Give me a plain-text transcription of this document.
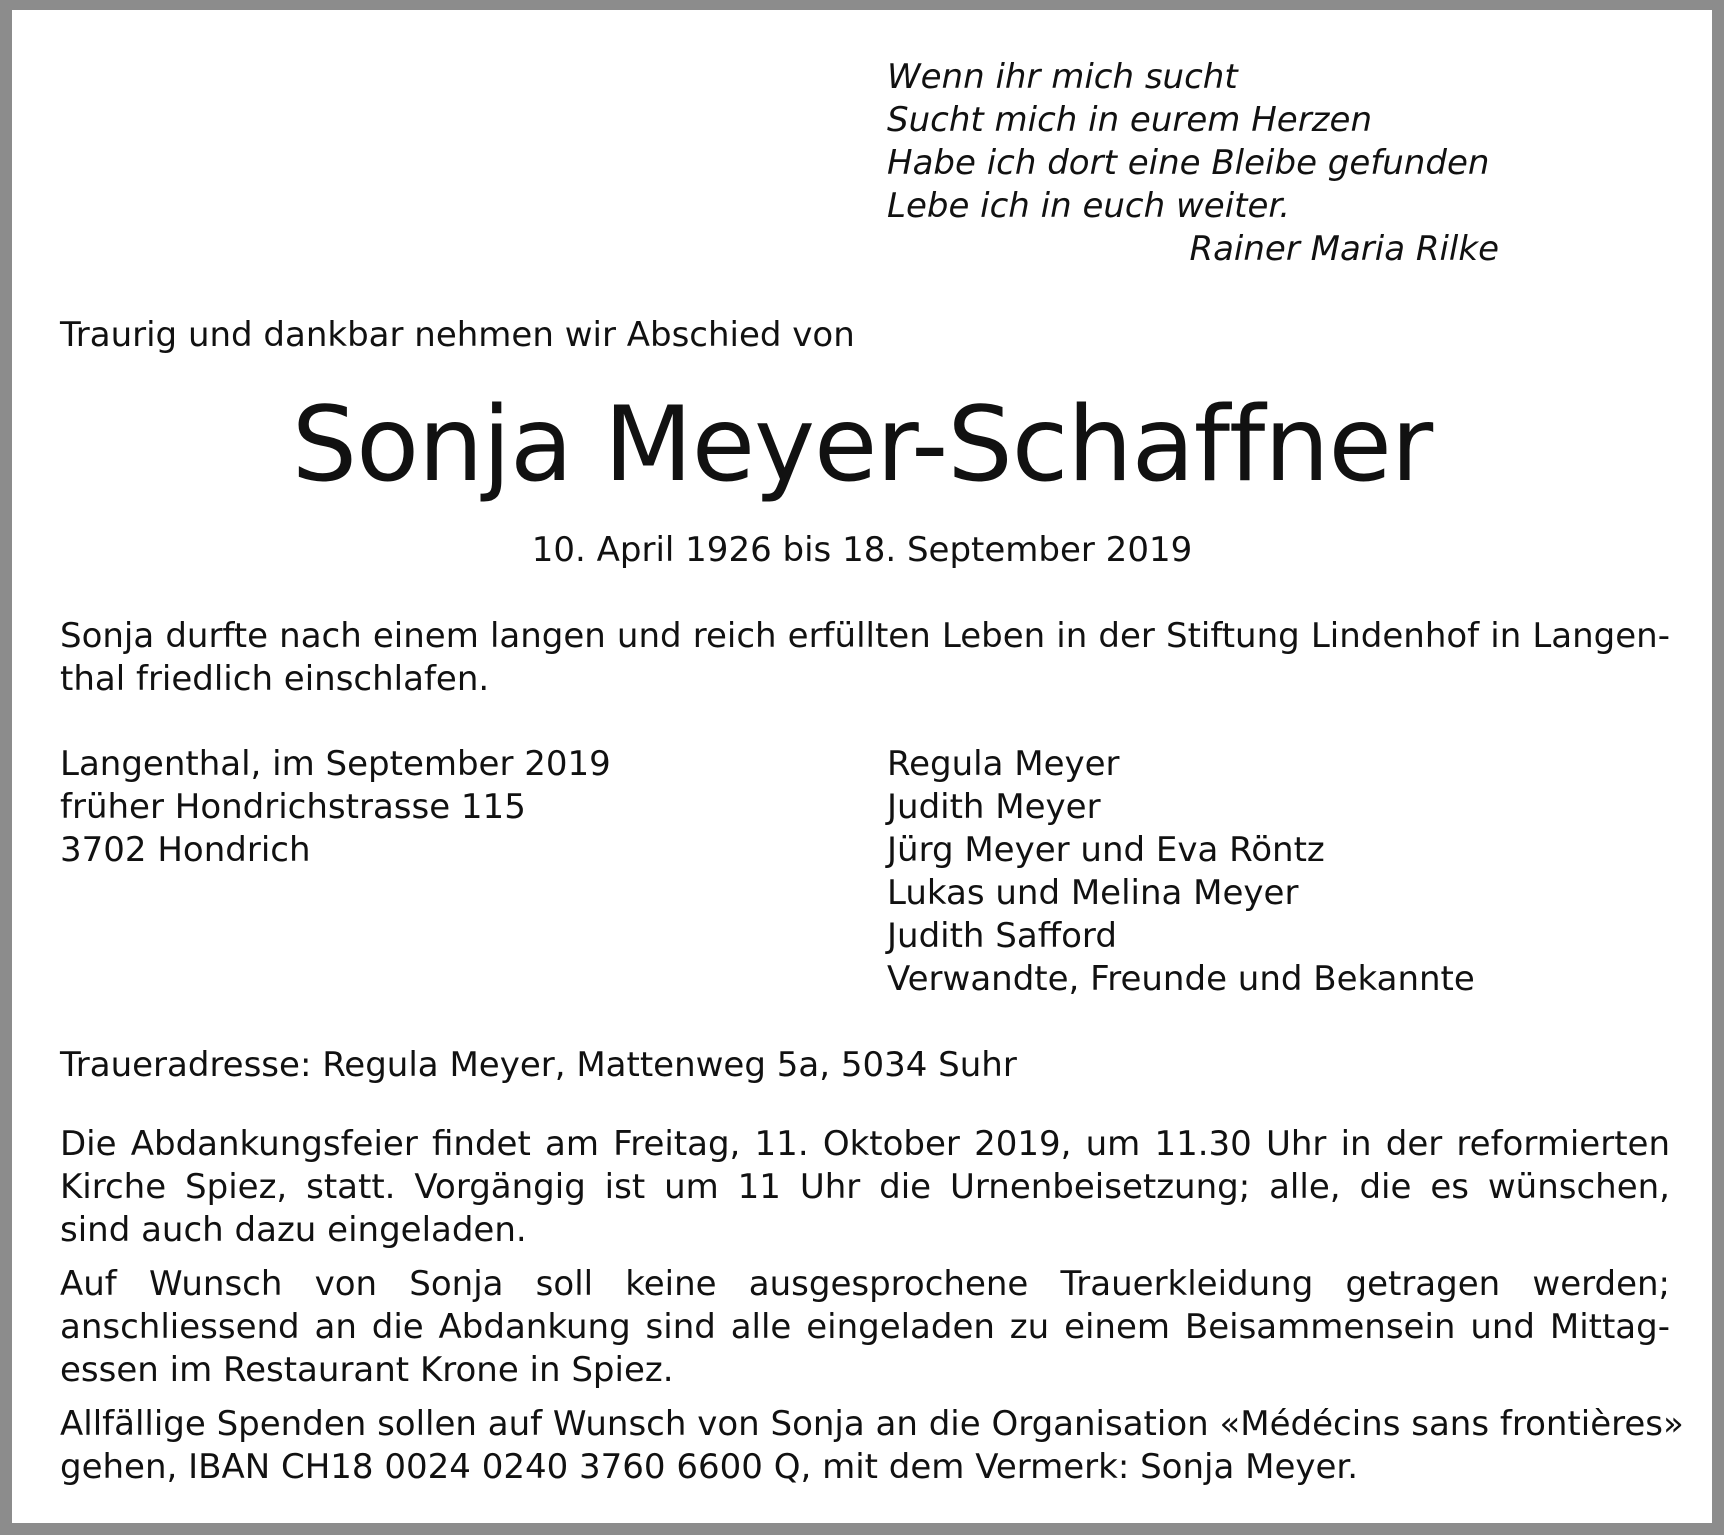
Wenn ihr mich sucht
Sucht mich in eurem Herzen
Habe ich dort eine Bleibe gefunden
Lebe ich in euch weiter.
Rainer Maria Rilke
Traurig und dankbar nehmen wir Abschied von
Sonja Meyer-Schaffner
10. April 1926 bis 18. September 2019
Sonja durfte nach einem langen und reich erfüllten Leben in der Stiftung Lindenhof in Langen-
thal friedlich einschlafen.
Langenthal, im September 2019
früher Hondrichstrasse 115
3702 Hondrich
Regula Meyer
Judith Meyer
Jürg Meyer und Eva Röntz
Lukas und Melina Meyer
Judith Safford
Verwandte, Freunde und Bekannte
Traueradresse: Regula Meyer, Mattenweg 5a, 5034 Suhr
Die Abdankungsfeier findet am Freitag, 11. Oktober 2019, um 11.30 Uhr in der reformierten
Kirche Spiez, statt. Vorgängig ist um 11 Uhr die Urnenbeisetzung; alle, die es wünschen,
sind auch dazu eingeladen.
Auf Wunsch von Sonja soll keine ausgesprochene Trauerkleidung getragen werden;
anschliessend an die Abdankung sind alle eingeladen zu einem Beisammensein und Mittag-
essen im Restaurant Krone in Spiez.
Allfällige Spenden sollen auf Wunsch von Sonja an die Organisation «Médécins sans frontières»
gehen, IBAN CH18 0024 0240 3760 6600 Q, mit dem Vermerk: Sonja Meyer.
